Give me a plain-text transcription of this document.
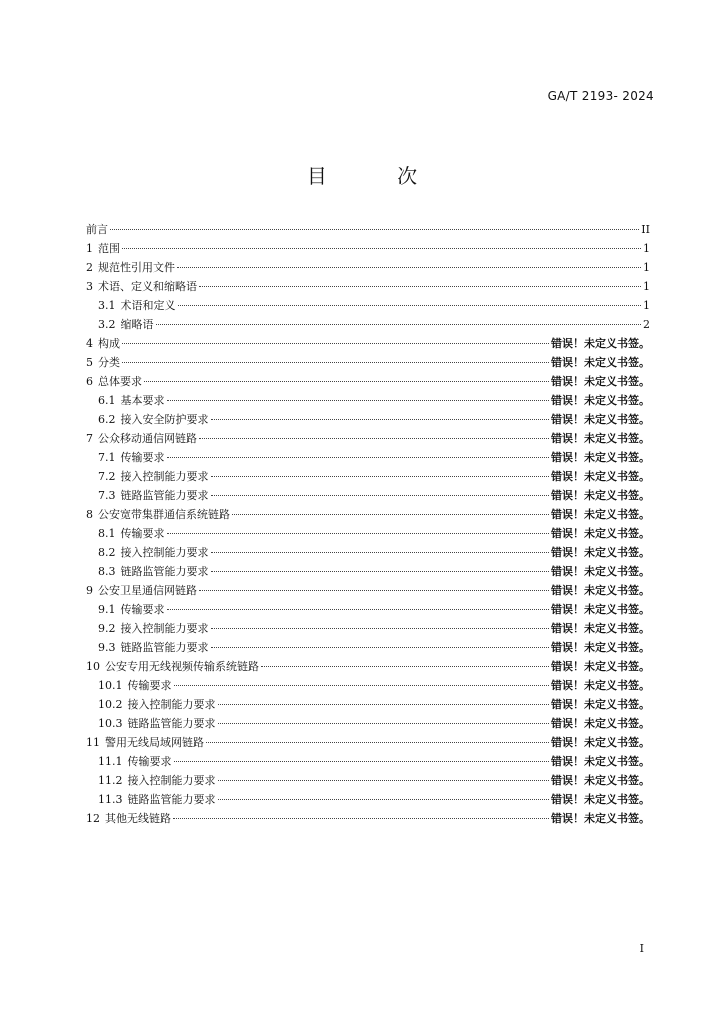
GA/T 2193- 2024
目 次
前言	II
1 范围	1
2 规范性引用文件	1
3 术语、定义和缩略语	1
3.1 术语和定义	1
3.2 缩略语	2
4 构成	错误！未定义书签。
5 分类	错误！未定义书签。
6 总体要求	错误！未定义书签。
6.1 基本要求	错误！未定义书签。
6.2 接入安全防护要求	错误！未定义书签。
7 公众移动通信网链路	错误！未定义书签。
7.1 传输要求	错误！未定义书签。
7.2 接入控制能力要求	错误！未定义书签。
7.3 链路监管能力要求	错误！未定义书签。
8 公安宽带集群通信系统链路	错误！未定义书签。
8.1 传输要求	错误！未定义书签。
8.2 接入控制能力要求	错误！未定义书签。
8.3 链路监管能力要求	错误！未定义书签。
9 公安卫星通信网链路	错误！未定义书签。
9.1 传输要求	错误！未定义书签。
9.2 接入控制能力要求	错误！未定义书签。
9.3 链路监管能力要求	错误！未定义书签。
10 公安专用无线视频传输系统链路	错误！未定义书签。
10.1 传输要求	错误！未定义书签。
10.2 接入控制能力要求	错误！未定义书签。
10.3 链路监管能力要求	错误！未定义书签。
11 警用无线局域网链路	错误！未定义书签。
11.1 传输要求	错误！未定义书签。
11.2 接入控制能力要求	错误！未定义书签。
11.3 链路监管能力要求	错误！未定义书签。
12 其他无线链路	错误！未定义书签。
I
